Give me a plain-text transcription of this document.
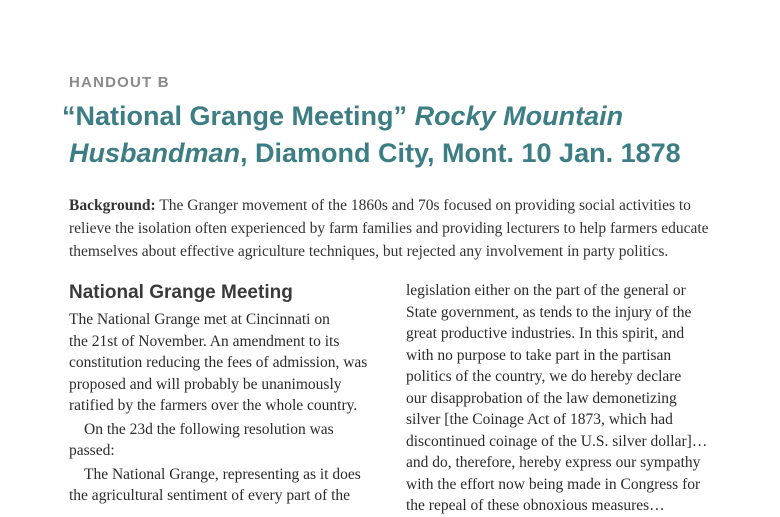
HANDOUT B
“National Grange Meeting” Rocky Mountain
Husbandman, Diamond City, Mont. 10 Jan. 1878
Background: The Granger movement of the 1860s and 70s focused on providing social activities to relieve the isolation often experienced by farm families and providing lecturers to help farmers educate themselves about effective agriculture techniques, but rejected any involvement in party politics.
National Grange Meeting
The National Grange met at Cincinnati on
the 21st of November. An amendment to its
constitution reducing the fees of admission, was
proposed and will probably be unanimously
ratified by the farmers over the whole country.
On the 23d the following resolution was
passed:
The National Grange, representing as it does
the agricultural sentiment of every part of the
legislation either on the part of the general or
State government, as tends to the injury of the
great productive industries. In this spirit, and
with no purpose to take part in the partisan
politics of the country, we do hereby declare
our disapprobation of the law demonetizing
silver [the Coinage Act of 1873, which had
discontinued coinage of the U.S. silver dollar]…
and do, therefore, hereby express our sympathy
with the effort now being made in Congress for
the repeal of these obnoxious measures…
